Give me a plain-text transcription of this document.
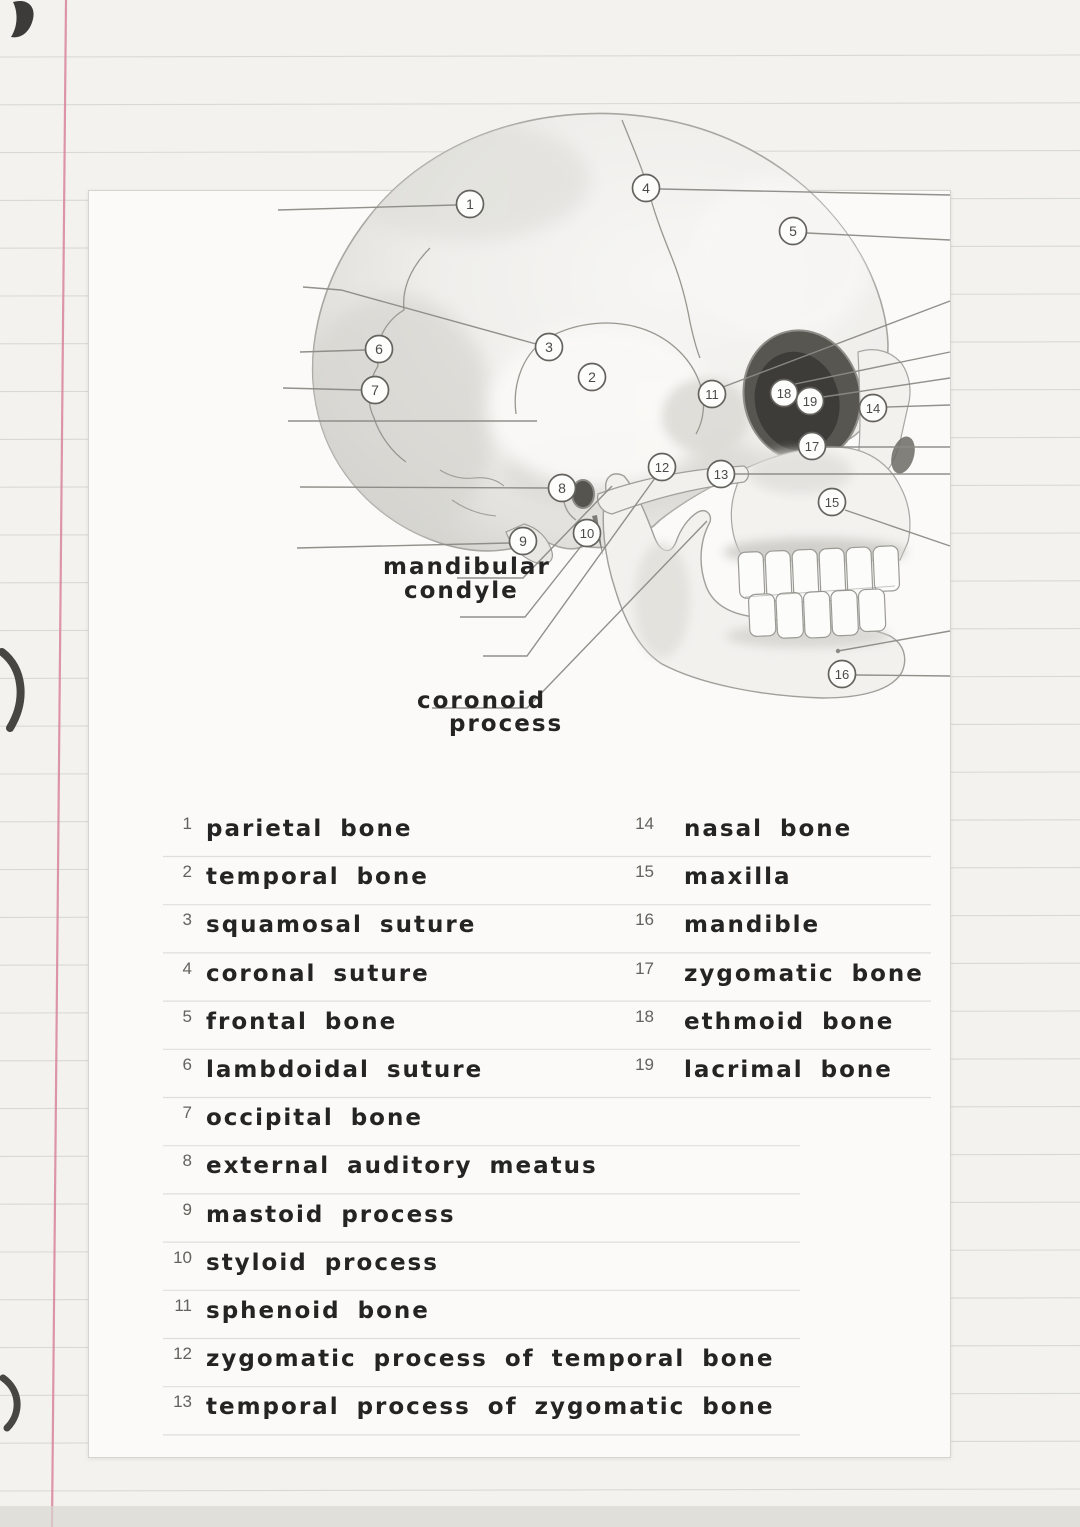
1
2
3
4
5
6
7
8
9	10
11
12	13
14
15
16
17
18
19
mandibular
condyle
coronoid
process
1 parietal bone
2 temporal bone
3 squamosal suture
4 coronal suture
5 frontal bone
6 lambdoidal suture
7 occipital bone
8 external auditory meatus
9 mastoid process
10 styloid process
11 sphenoid bone
12 zygomatic process of temporal bone
13 temporal process of zygomatic bone
14 nasal bone
15 maxilla
16 mandible
17 zygomatic bone
18 ethmoid bone
19 lacrimal bone
